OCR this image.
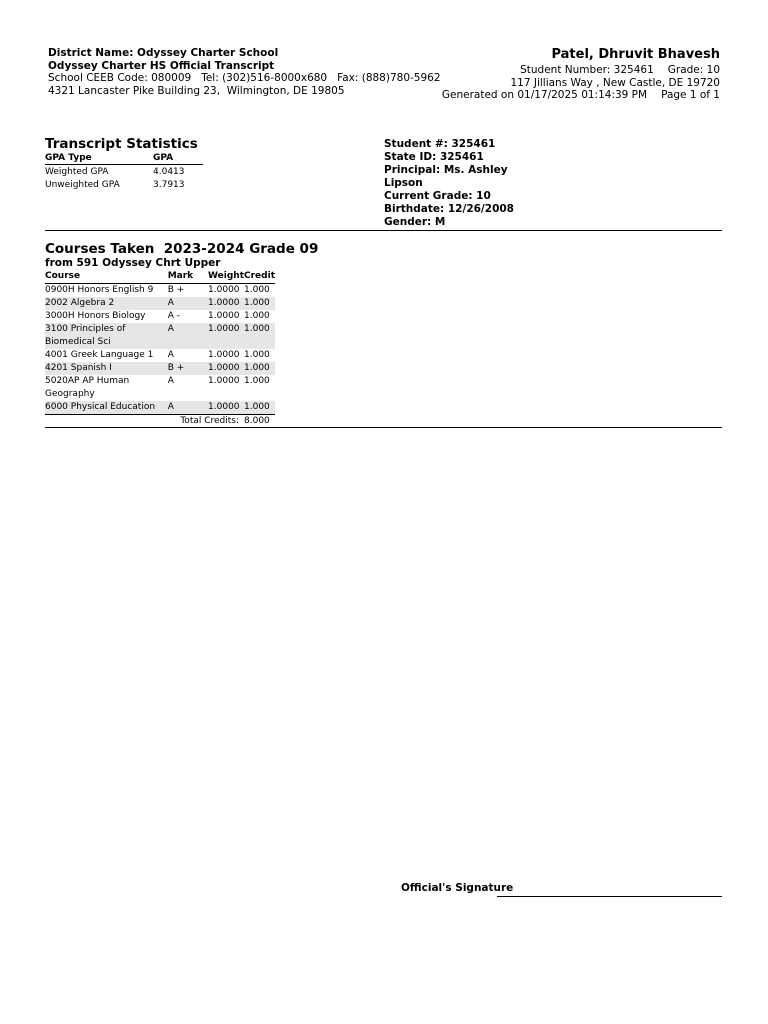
District Name: Odyssey Charter School
Odyssey Charter HS Official Transcript
School CEEB Code: 080009   Tel: (302)516-8000x680   Fax: (888)780-5962
4321 Lancaster Pike Building 23,  Wilmington, DE 19805
Patel, Dhruvit Bhavesh
Student Number: 325461 Grade: 10
117 Jillians Way , New Castle, DE 19720
Generated on 01/17/2025 01:14:39 PM Page 1 of 1
Transcript Statistics
GPA Type	GPA
Weighted GPA	4.0413
Unweighted GPA	3.7913
Student #: 325461
State ID: 325461
Principal: Ms. Ashley Lipson
Current Grade: 10
Birthdate: 12/26/2008
Gender: M
Courses Taken  2023-2024 Grade 09
from 591 Odyssey Chrt Upper
Course	Mark	Weight	Credit
0900H Honors English 9	B +	1.0000	1.000
2002 Algebra 2	A	1.0000	1.000
3000H Honors Biology	A -	1.0000	1.000
3100 Principles of Biomedical Sci	A	1.0000	1.000
4001 Greek Language 1	A	1.0000	1.000
4201 Spanish I	B +	1.0000	1.000
5020AP AP Human Geography	A	1.0000	1.000
6000 Physical Education	A	1.0000	1.000
Total Credits:			8.000
Official's Signature
